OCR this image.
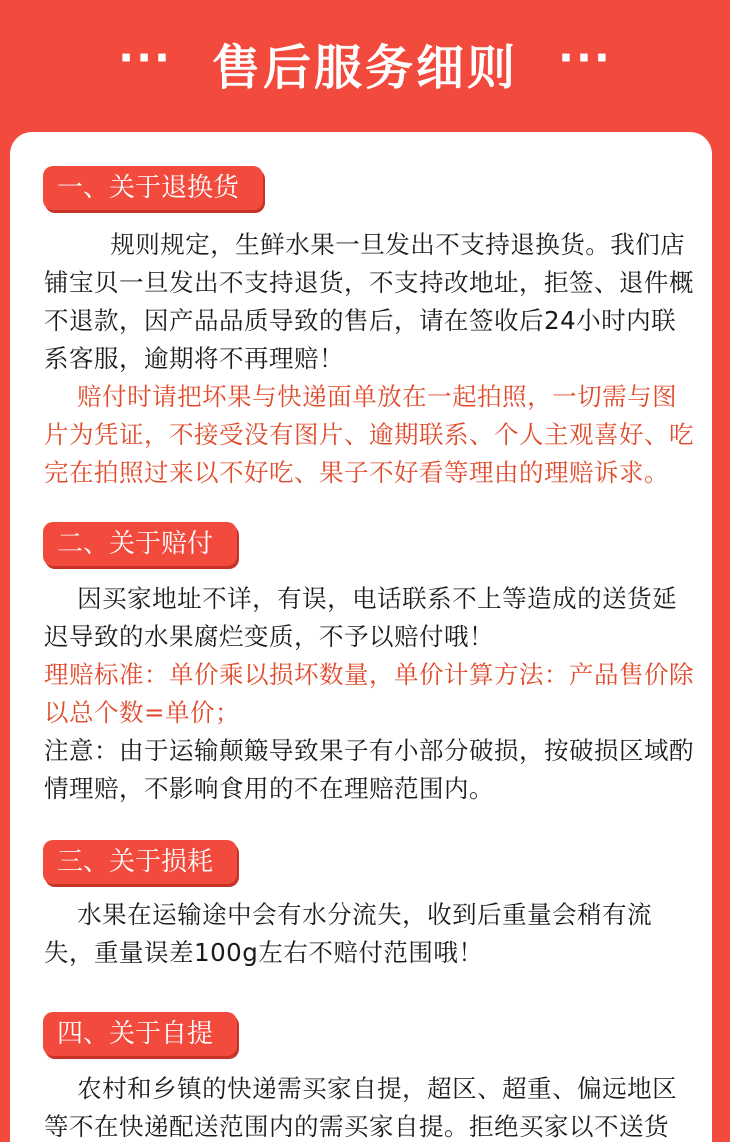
··· 售后服务细则 ···
一、关于退换货

规则规定，生鲜水果一旦发出不支持退换货。我们店铺宝贝一旦发出不支持退货，不支持改地址，拒签、退件概不退款，因产品品质导致的售后，请在签收后24小时内联系客服，逾期将不再理赔！

赔付时请把坏果与快递面单放在一起拍照，一切需与图片为凭证，不接受没有图片、逾期联系、个人主观喜好、吃完在拍照过来以不好吃、果子不好看等理由的理赔诉求。

二、关于赔付

因买家地址不详，有误，电话联系不上等造成的送货延迟导致的水果腐烂变质，不予以赔付哦！

理赔标准：单价乘以损坏数量，单价计算方法：产品售价除以总个数=单价；

注意：由于运输颠簸导致果子有小部分破损，按破损区域酌情理赔，不影响食用的不在理赔范围内。

三、关于损耗

水果在运输途中会有水分流失，收到后重量会稍有流失，重量误差100g左右不赔付范围哦！

四、关于自提

农村和乡镇的快递需买家自提，超区、超重、偏远地区等不在快递配送范围内的需买家自提。拒绝买家以不送货
